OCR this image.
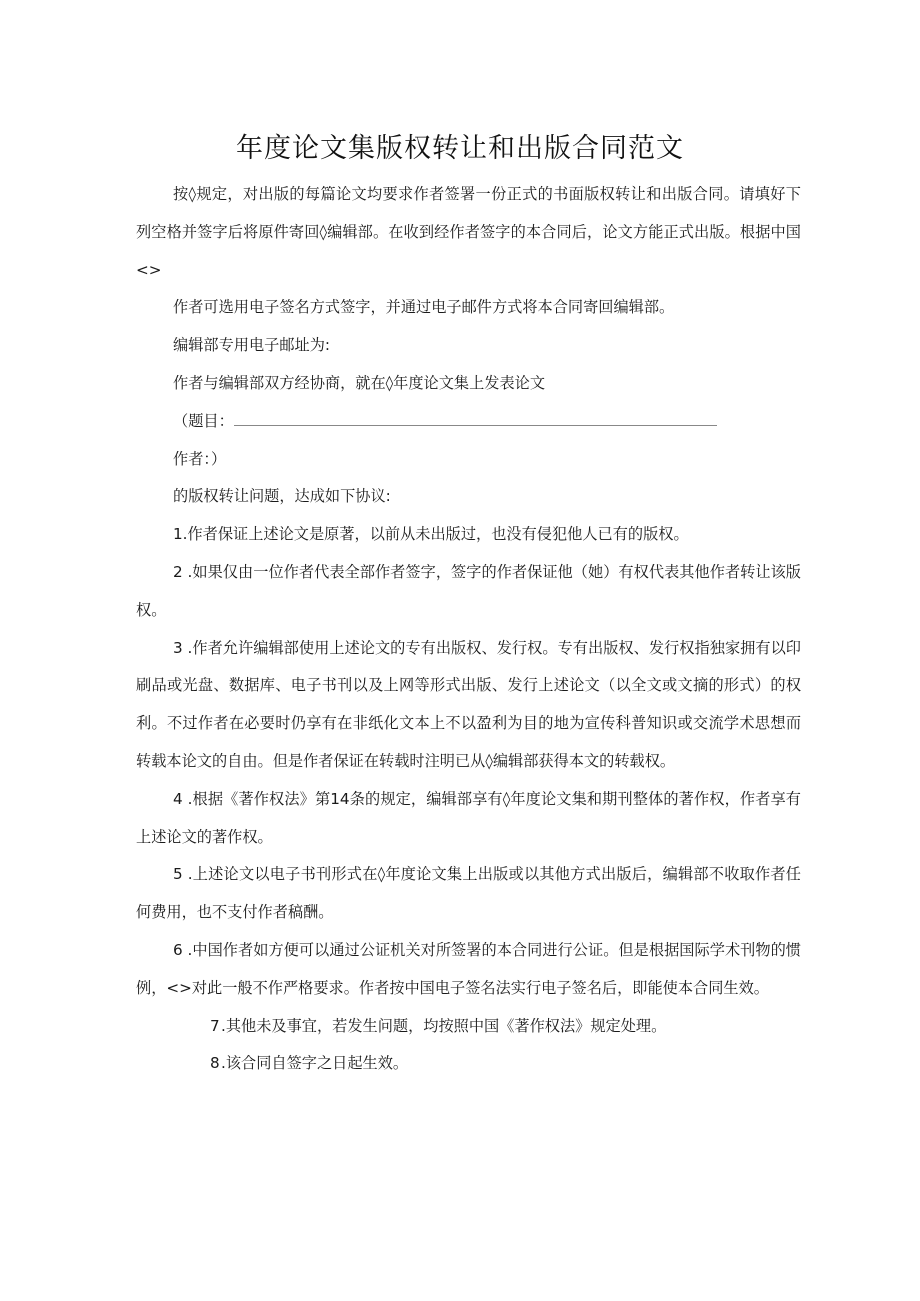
年度论文集版权转让和出版合同范文

按◊规定，对出版的每篇论文均要求作者签署一份正式的书面版权转让和出版合同。请填好下列空格并签字后将原件寄回◊编辑部。在收到经作者签字的本合同后，论文方能正式出版。根据中国<>

作者可选用电子签名方式签字，并通过电子邮件方式将本合同寄回编辑部。

编辑部专用电子邮址为:

作者与编辑部双方经协商，就在◊年度论文集上发表论文

（题目：

作者：）

的版权转让问题，达成如下协议:

1.作者保证上述论文是原著，以前从未出版过，也没有侵犯他人已有的版权。

2 .如果仅由一位作者代表全部作者签字，签字的作者保证他（她）有权代表其他作者转让该版权。

3 .作者允许编辑部使用上述论文的专有出版权、发行权。专有出版权、发行权指独家拥有以印刷品或光盘、数据库、电子书刊以及上网等形式出版、发行上述论文（以全文或文摘的形式）的权利。不过作者在必要时仍享有在非纸化文本上不以盈利为目的地为宣传科普知识或交流学术思想而转载本论文的自由。但是作者保证在转载时注明已从◊编辑部获得本文的转载权。

4 .根据《著作权法》第14条的规定，编辑部享有◊年度论文集和期刊整体的著作权，作者享有上述论文的著作权。

5 .上述论文以电子书刊形式在◊年度论文集上出版或以其他方式出版后，编辑部不收取作者任何费用，也不支付作者稿酬。

6 .中国作者如方便可以通过公证机关对所签署的本合同进行公证。但是根据国际学术刊物的惯例，<>对此一般不作严格要求。作者按中国电子签名法实行电子签名后，即能使本合同生效。

7.其他未及事宜，若发生问题，均按照中国《著作权法》规定处理。

8.该合同自签字之日起生效。
